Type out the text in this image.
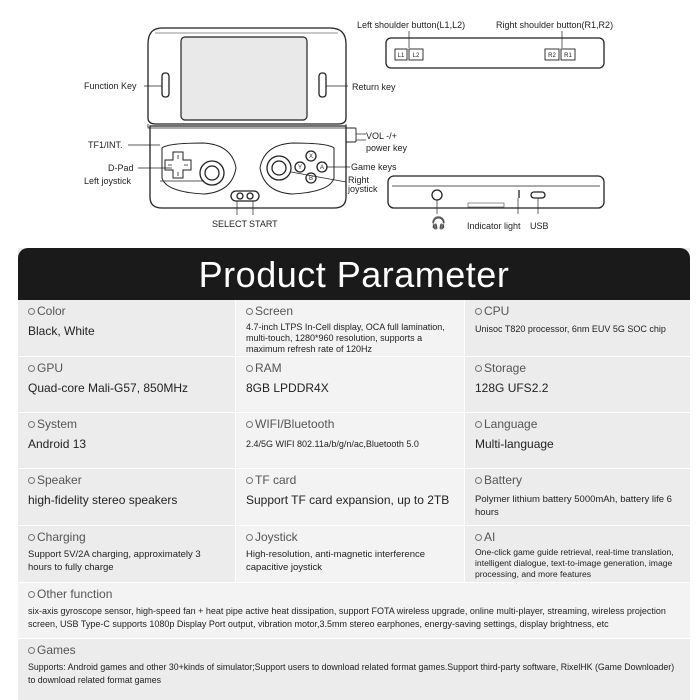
L1 L2	R2 R1
X
Y	A
B
Left shoulder button(L1,L2)	Right shoulder button(R1,R2)
Function Key	Return key
TF1/INT.
VOL -/+
power key
D-Pad	Game keys
Left joystick	Right
joystick
SELECT START	🎧 Indicator light USB
Product Parameter
Color
Black, White
Screen
4.7-inch LTPS In-Cell display, OCA full lamination, multi-touch, 1280*960 resolution, supports a maximum refresh rate of 120Hz
CPU
Unisoc T820 processor, 6nm EUV 5G SOC chip
GPU
Quad-core Mali-G57, 850MHz
RAM
8GB LPDDR4X
Storage
128G UFS2.2
System
Android 13
WIFI/Bluetooth
2.4/5G WIFI 802.11a/b/g/n/ac,Bluetooth 5.0
Language
Multi-language
Speaker
high-fidelity stereo speakers
TF card
Support TF card expansion, up to 2TB
Battery
Polymer lithium battery 5000mAh, battery life 6 hours
Charging
Support 5V/2A charging, approximately 3 hours to fully charge
Joystick
High-resolution, anti-magnetic interference capacitive joystick
AI
One-click game guide retrieval, real-time translation, intelligent dialogue, text-to-image generation, image processing, and more features
Other function
six-axis gyroscope sensor, high-speed fan + heat pipe active heat dissipation, support FOTA wireless upgrade, online multi-player, streaming, wireless projection screen, USB Type-C supports 1080p Display Port output, vibration motor,3.5mm stereo earphones, energy-saving settings, display brightness, etc
Games
Supports: Android games and other 30+kinds of simulator;Support users to download related format games.Support third-party software, RixelHK (Game Downloader) to download related format games
